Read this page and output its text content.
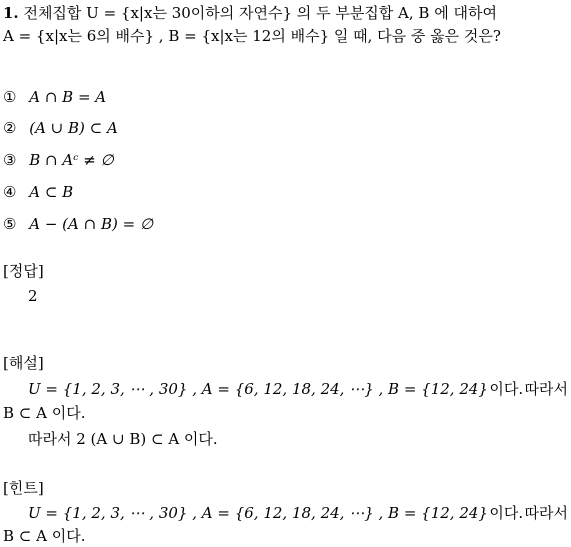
1. 전체집합 U = {x|x는 30이하의 자연수} 의 두 부분집합 A, B 에 대하여
A = {x|x는 6의 배수} , B = {x|x는 12의 배수} 일 때, 다음 중 옳은 것은?
① A ∩ B = A
② (A ∪ B) ⊂ A
③ B ∩ Aᶜ ≠ ∅
④ A ⊂ B
⑤ A − (A ∩ B) = ∅
[정답]
2
[해설]
U = {1, 2, 3, ⋯ , 30} , A = {6, 12, 18, 24, ⋯} , B = {12, 24} 이다. 따라서
B ⊂ A 이다.
따라서 2 (A ∪ B) ⊂ A 이다.
[힌트]
U = {1, 2, 3, ⋯ , 30} , A = {6, 12, 18, 24, ⋯} , B = {12, 24} 이다. 따라서
B ⊂ A 이다.
